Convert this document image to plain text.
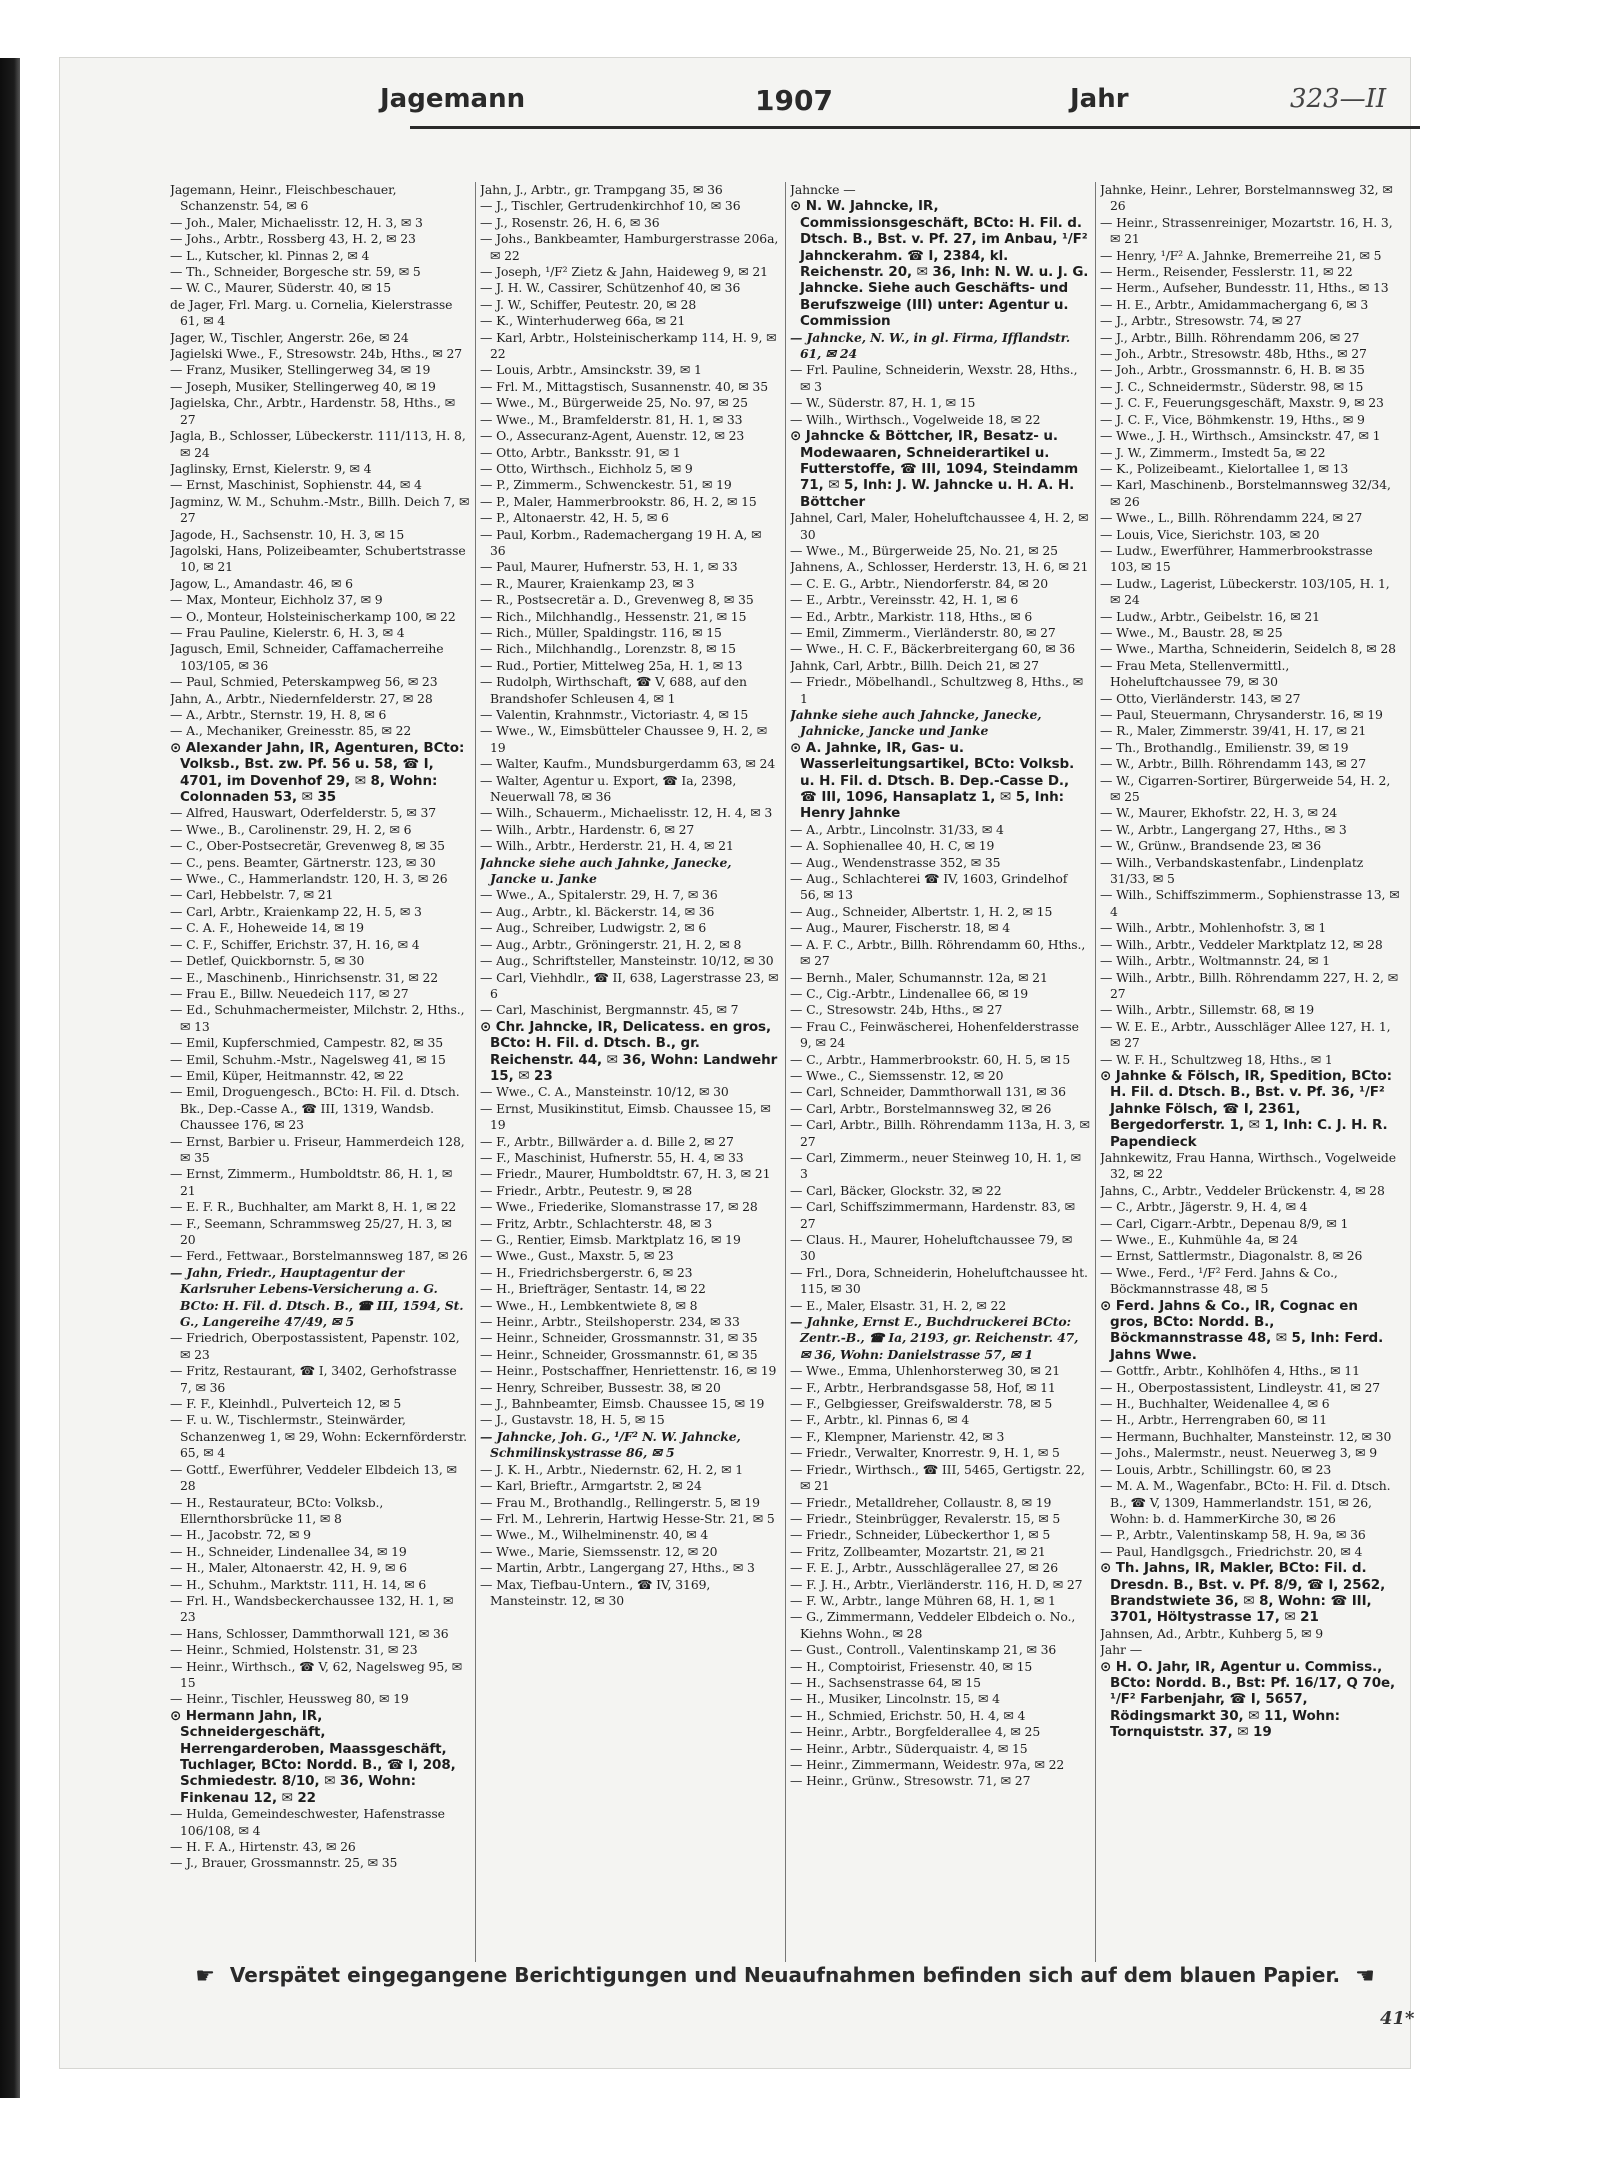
Jagemann	1907	Jahr	323—II
Jagemann, Heinr., Fleischbeschauer, Schanzenstr. 54, ✉ 6
— Joh., Maler, Michaelisstr. 12, H. 3, ✉ 3
— Johs., Arbtr., Rossberg 43, H. 2, ✉ 23
— L., Kutscher, kl. Pinnas 2, ✉ 4
— Th., Schneider, Borgesche str. 59, ✉ 5
— W. C., Maurer, Süderstr. 40, ✉ 15
de Jager, Frl. Marg. u. Cornelia, Kielerstrasse 61, ✉ 4
Jager, W., Tischler, Angerstr. 26e, ✉ 24
Jagielski Wwe., F., Stresowstr. 24b, Hths., ✉ 27
— Franz, Musiker, Stellingerweg 34, ✉ 19
— Joseph, Musiker, Stellingerweg 40, ✉ 19
Jagielska, Chr., Arbtr., Hardenstr. 58, Hths., ✉ 27
Jagla, B., Schlosser, Lübeckerstr. 111/113, H. 8, ✉ 24
Jaglinsky, Ernst, Kielerstr. 9, ✉ 4
— Ernst, Maschinist, Sophienstr. 44, ✉ 4
Jagminz, W. M., Schuhm.-Mstr., Billh. Deich 7, ✉ 27
Jagode, H., Sachsenstr. 10, H. 3, ✉ 15
Jagolski, Hans, Polizeibeamter, Schubertstrasse 10, ✉ 21
Jagow, L., Amandastr. 46, ✉ 6
— Max, Monteur, Eichholz 37, ✉ 9
— O., Monteur, Holsteinischerkamp 100, ✉ 22
— Frau Pauline, Kielerstr. 6, H. 3, ✉ 4
Jagusch, Emil, Schneider, Caffamacherreihe 103/105, ✉ 36
— Paul, Schmied, Peterskampweg 56, ✉ 23
Jahn, A., Arbtr., Niedernfelderstr. 27, ✉ 28
— A., Arbtr., Sternstr. 19, H. 8, ✉ 6
— A., Mechaniker, Greinesstr. 85, ✉ 22
⊙ Alexander Jahn, IR, Agenturen, BCto: Volksb., Bst. zw. Pf. 56 u. 58, ☎ I, 4701, im Dovenhof 29, ✉ 8, Wohn: Colonnaden 53, ✉ 35
— Alfred, Hauswart, Oderfelderstr. 5, ✉ 37
— Wwe., B., Carolinenstr. 29, H. 2, ✉ 6
— C., Ober-Postsecretär, Grevenweg 8, ✉ 35
— C., pens. Beamter, Gärtnerstr. 123, ✉ 30
— Wwe., C., Hammerlandstr. 120, H. 3, ✉ 26
— Carl, Hebbelstr. 7, ✉ 21
— Carl, Arbtr., Kraienkamp 22, H. 5, ✉ 3
— C. A. F., Hoheweide 14, ✉ 19
— C. F., Schiffer, Erichstr. 37, H. 16, ✉ 4
— Detlef, Quickbornstr. 5, ✉ 30
— E., Maschinenb., Hinrichsenstr. 31, ✉ 22
— Frau E., Billw. Neuedeich 117, ✉ 27
— Ed., Schuhmachermeister, Milchstr. 2, Hths., ✉ 13
— Emil, Kupferschmied, Campestr. 82, ✉ 35
— Emil, Schuhm.-Mstr., Nagelsweg 41, ✉ 15
— Emil, Küper, Heitmannstr. 42, ✉ 22
— Emil, Droguengesch., BCto: H. Fil. d. Dtsch. Bk., Dep.-Casse A., ☎ III, 1319, Wandsb. Chaussee 176, ✉ 23
— Ernst, Barbier u. Friseur, Hammerdeich 128, ✉ 35
— Ernst, Zimmerm., Humboldtstr. 86, H. 1, ✉ 21
— E. F. R., Buchhalter, am Markt 8, H. 1, ✉ 22
— F., Seemann, Schrammsweg 25/27, H. 3, ✉ 20
— Ferd., Fettwaar., Borstelmannsweg 187, ✉ 26
— Jahn, Friedr., Hauptagentur der Karlsruher Lebens-Versicherung a. G. BCto: H. Fil. d. Dtsch. B., ☎ III, 1594, St. G., Langereihe 47/49, ✉ 5
— Friedrich, Oberpostassistent, Papenstr. 102, ✉ 23
— Fritz, Restaurant, ☎ I, 3402, Gerhofstrasse 7, ✉ 36
— F. F., Kleinhdl., Pulverteich 12, ✉ 5
— F. u. W., Tischlermstr., Steinwärder, Schanzenweg 1, ✉ 29, Wohn: Eckernförderstr. 65, ✉ 4
— Gottf., Ewerführer, Veddeler Elbdeich 13, ✉ 28
— H., Restaurateur, BCto: Volksb., Ellernthorsbrücke 11, ✉ 8
— H., Jacobstr. 72, ✉ 9
— H., Schneider, Lindenallee 34, ✉ 19
— H., Maler, Altonaerstr. 42, H. 9, ✉ 6
— H., Schuhm., Marktstr. 111, H. 14, ✉ 6
— Frl. H., Wandsbeckerchaussee 132, H. 1, ✉ 23
— Hans, Schlosser, Dammthorwall 121, ✉ 36
— Heinr., Schmied, Holstenstr. 31, ✉ 23
— Heinr., Wirthsch., ☎ V, 62, Nagelsweg 95, ✉ 15
— Heinr., Tischler, Heussweg 80, ✉ 19
⊙ Hermann Jahn, IR, Schneidergeschäft, Herrengarderoben, Maassgeschäft, Tuchlager, BCto: Nordd. B., ☎ I, 208, Schmiedestr. 8/10, ✉ 36, Wohn: Finkenau 12, ✉ 22
— Hulda, Gemeindeschwester, Hafenstrasse 106/108, ✉ 4
— H. F. A., Hirtenstr. 43, ✉ 26
— J., Brauer, Grossmannstr. 25, ✉ 35
Jahn, J., Arbtr., gr. Trampgang 35, ✉ 36
— J., Tischler, Gertrudenkirchhof 10, ✉ 36
— J., Rosenstr. 26, H. 6, ✉ 36
— Johs., Bankbeamter, Hamburgerstrasse 206a, ✉ 22
— Joseph, ¹/F² Zietz & Jahn, Haideweg 9, ✉ 21
— J. H. W., Cassirer, Schützenhof 40, ✉ 36
— J. W., Schiffer, Peutestr. 20, ✉ 28
— K., Winterhuderweg 66a, ✉ 21
— Karl, Arbtr., Holsteinischerkamp 114, H. 9, ✉ 22
— Louis, Arbtr., Amsinckstr. 39, ✉ 1
— Frl. M., Mittagstisch, Susannenstr. 40, ✉ 35
— Wwe., M., Bürgerweide 25, No. 97, ✉ 25
— Wwe., M., Bramfelderstr. 81, H. 1, ✉ 33
— O., Assecuranz-Agent, Auenstr. 12, ✉ 23
— Otto, Arbtr., Banksstr. 91, ✉ 1
— Otto, Wirthsch., Eichholz 5, ✉ 9
— P., Zimmerm., Schwenckestr. 51, ✉ 19
— P., Maler, Hammerbrookstr. 86, H. 2, ✉ 15
— P., Altonaerstr. 42, H. 5, ✉ 6
— Paul, Korbm., Rademachergang 19 H. A, ✉ 36
— Paul, Maurer, Hufnerstr. 53, H. 1, ✉ 33
— R., Maurer, Kraienkamp 23, ✉ 3
— R., Postsecretär a. D., Grevenweg 8, ✉ 35
— Rich., Milchhandlg., Hessenstr. 21, ✉ 15
— Rich., Müller, Spaldingstr. 116, ✉ 15
— Rich., Milchhandlg., Lorenzstr. 8, ✉ 15
— Rud., Portier, Mittelweg 25a, H. 1, ✉ 13
— Rudolph, Wirthschaft, ☎ V, 688, auf den Brandshofer Schleusen 4, ✉ 1
— Valentin, Krahnmstr., Victoriastr. 4, ✉ 15
— Wwe., W., Eimsbütteler Chaussee 9, H. 2, ✉ 19
— Walter, Kaufm., Mundsburgerdamm 63, ✉ 24
— Walter, Agentur u. Export, ☎ Ia, 2398, Neuerwall 78, ✉ 36
— Wilh., Schauerm., Michaelisstr. 12, H. 4, ✉ 3
— Wilh., Arbtr., Hardenstr. 6, ✉ 27
— Wilh., Arbtr., Herderstr. 21, H. 4, ✉ 21
Jahncke siehe auch Jahnke, Janecke, Jancke u. Janke
— Wwe., A., Spitalerstr. 29, H. 7, ✉ 36
— Aug., Arbtr., kl. Bäckerstr. 14, ✉ 36
— Aug., Schreiber, Ludwigstr. 2, ✉ 6
— Aug., Arbtr., Gröningerstr. 21, H. 2, ✉ 8
— Aug., Schriftsteller, Mansteinstr. 10/12, ✉ 30
— Carl, Viehhdlr., ☎ II, 638, Lagerstrasse 23, ✉ 6
— Carl, Maschinist, Bergmannstr. 45, ✉ 7
⊙ Chr. Jahncke, IR, Delicatess. en gros, BCto: H. Fil. d. Dtsch. B., gr. Reichenstr. 44, ✉ 36, Wohn: Landwehr 15, ✉ 23
— Wwe., C. A., Mansteinstr. 10/12, ✉ 30
— Ernst, Musikinstitut, Eimsb. Chaussee 15, ✉ 19
— F., Arbtr., Billwärder a. d. Bille 2, ✉ 27
— F., Maschinist, Hufnerstr. 55, H. 4, ✉ 33
— Friedr., Maurer, Humboldtstr. 67, H. 3, ✉ 21
— Friedr., Arbtr., Peutestr. 9, ✉ 28
— Wwe., Friederike, Slomanstrasse 17, ✉ 28
— Fritz, Arbtr., Schlachterstr. 48, ✉ 3
— G., Rentier, Eimsb. Marktplatz 16, ✉ 19
— Wwe., Gust., Maxstr. 5, ✉ 23
— H., Friedrichsbergerstr. 6, ✉ 23
— H., Briefträger, Sentastr. 14, ✉ 22
— Wwe., H., Lembkentwiete 8, ✉ 8
— Heinr., Arbtr., Steilshoperstr. 234, ✉ 33
— Heinr., Schneider, Grossmannstr. 31, ✉ 35
— Heinr., Schneider, Grossmannstr. 61, ✉ 35
— Heinr., Postschaffner, Henriettenstr. 16, ✉ 19
— Henry, Schreiber, Bussestr. 38, ✉ 20
— J., Bahnbeamter, Eimsb. Chaussee 15, ✉ 19
— J., Gustavstr. 18, H. 5, ✉ 15
— Jahncke, Joh. G., ¹/F² N. W. Jahncke, Schmilinskystrasse 86, ✉ 5
— J. K. H., Arbtr., Niedernstr. 62, H. 2, ✉ 1
— Karl, Brieftr., Armgartstr. 2, ✉ 24
— Frau M., Brothandlg., Rellingerstr. 5, ✉ 19
— Frl. M., Lehrerin, Hartwig Hesse-Str. 21, ✉ 5
— Wwe., M., Wilhelminenstr. 40, ✉ 4
— Wwe., Marie, Siemssenstr. 12, ✉ 20
— Martin, Arbtr., Langergang 27, Hths., ✉ 3
— Max, Tiefbau-Untern., ☎ IV, 3169, Mansteinstr. 12, ✉ 30
Jahncke —
⊙ N. W. Jahncke, IR, Commissionsgeschäft, BCto: H. Fil. d. Dtsch. B., Bst. v. Pf. 27, im Anbau, ¹/F² Jahnckerahm. ☎ I, 2384, kl. Reichenstr. 20, ✉ 36, Inh: N. W. u. J. G. Jahncke. Siehe auch Geschäfts- und Berufszweige (III) unter: Agentur u. Commission
— Jahncke, N. W., in gl. Firma, Ifflandstr. 61, ✉ 24
— Frl. Pauline, Schneiderin, Wexstr. 28, Hths., ✉ 3
— W., Süderstr. 87, H. 1, ✉ 15
— Wilh., Wirthsch., Vogelweide 18, ✉ 22
⊙ Jahncke & Böttcher, IR, Besatz- u. Modewaaren, Schneiderartikel u. Futterstoffe, ☎ III, 1094, Steindamm 71, ✉ 5, Inh: J. W. Jahncke u. H. A. H. Böttcher
Jahnel, Carl, Maler, Hoheluftchaussee 4, H. 2, ✉ 30
— Wwe., M., Bürgerweide 25, No. 21, ✉ 25
Jahnens, A., Schlosser, Herderstr. 13, H. 6, ✉ 21
— C. E. G., Arbtr., Niendorferstr. 84, ✉ 20
— E., Arbtr., Vereinsstr. 42, H. 1, ✉ 6
— Ed., Arbtr., Markistr. 118, Hths., ✉ 6
— Emil, Zimmerm., Vierländerstr. 80, ✉ 27
— Wwe., H. C. F., Bäckerbreitergang 60, ✉ 36
Jahnk, Carl, Arbtr., Billh. Deich 21, ✉ 27
— Friedr., Möbelhandl., Schultzweg 8, Hths., ✉ 1
Jahnke siehe auch Jahncke, Janecke, Jahnicke, Jancke und Janke
⊙ A. Jahnke, IR, Gas- u. Wasserleitungsartikel, BCto: Volksb. u. H. Fil. d. Dtsch. B. Dep.-Casse D., ☎ III, 1096, Hansaplatz 1, ✉ 5, Inh: Henry Jahnke
— A., Arbtr., Lincolnstr. 31/33, ✉ 4
— A. Sophienallee 40, H. C, ✉ 19
— Aug., Wendenstrasse 352, ✉ 35
— Aug., Schlachterei ☎ IV, 1603, Grindelhof 56, ✉ 13
— Aug., Schneider, Albertstr. 1, H. 2, ✉ 15
— Aug., Maurer, Fischerstr. 18, ✉ 4
— A. F. C., Arbtr., Billh. Röhrendamm 60, Hths., ✉ 27
— Bernh., Maler, Schumannstr. 12a, ✉ 21
— C., Cig.-Arbtr., Lindenallee 66, ✉ 19
— C., Stresowstr. 24b, Hths., ✉ 27
— Frau C., Feinwäscherei, Hohenfelderstrasse 9, ✉ 24
— C., Arbtr., Hammerbrookstr. 60, H. 5, ✉ 15
— Wwe., C., Siemssenstr. 12, ✉ 20
— Carl, Schneider, Dammthorwall 131, ✉ 36
— Carl, Arbtr., Borstelmannsweg 32, ✉ 26
— Carl, Arbtr., Billh. Röhrendamm 113a, H. 3, ✉ 27
— Carl, Zimmerm., neuer Steinweg 10, H. 1, ✉ 3
— Carl, Bäcker, Glockstr. 32, ✉ 22
— Carl, Schiffszimmermann, Hardenstr. 83, ✉ 27
— Claus. H., Maurer, Hoheluftchaussee 79, ✉ 30
— Frl., Dora, Schneiderin, Hoheluftchaussee ht. 115, ✉ 30
— E., Maler, Elsastr. 31, H. 2, ✉ 22
— Jahnke, Ernst E., Buchdruckerei BCto: Zentr.-B., ☎ Ia, 2193, gr. Reichenstr. 47, ✉ 36, Wohn: Danielstrasse 57, ✉ 1
— Wwe., Emma, Uhlenhorsterweg 30, ✉ 21
— F., Arbtr., Herbrandsgasse 58, Hof, ✉ 11
— F., Gelbgiesser, Greifswalderstr. 78, ✉ 5
— F., Arbtr., kl. Pinnas 6, ✉ 4
— F., Klempner, Marienstr. 42, ✉ 3
— Friedr., Verwalter, Knorrestr. 9, H. 1, ✉ 5
— Friedr., Wirthsch., ☎ III, 5465, Gertigstr. 22, ✉ 21
— Friedr., Metalldreher, Collaustr. 8, ✉ 19
— Friedr., Steinbrügger, Revalerstr. 15, ✉ 5
— Friedr., Schneider, Lübeckerthor 1, ✉ 5
— Fritz, Zollbeamter, Mozartstr. 21, ✉ 21
— F. E. J., Arbtr., Ausschlägerallee 27, ✉ 26
— F. J. H., Arbtr., Vierländerstr. 116, H. D, ✉ 27
— F. W., Arbtr., lange Mühren 68, H. 1, ✉ 1
— G., Zimmermann, Veddeler Elbdeich o. No., Kiehns Wohn., ✉ 28
— Gust., Controll., Valentinskamp 21, ✉ 36
— H., Comptoirist, Friesenstr. 40, ✉ 15
— H., Sachsenstrasse 64, ✉ 15
— H., Musiker, Lincolnstr. 15, ✉ 4
— H., Schmied, Erichstr. 50, H. 4, ✉ 4
— Heinr., Arbtr., Borgfelderallee 4, ✉ 25
— Heinr., Arbtr., Süderquaistr. 4, ✉ 15
— Heinr., Zimmermann, Weidestr. 97a, ✉ 22
— Heinr., Grünw., Stresowstr. 71, ✉ 27
Jahnke, Heinr., Lehrer, Borstelmannsweg 32, ✉ 26
— Heinr., Strassenreiniger, Mozartstr. 16, H. 3, ✉ 21
— Henry, ¹/F² A. Jahnke, Bremerreihe 21, ✉ 5
— Herm., Reisender, Fesslerstr. 11, ✉ 22
— Herm., Aufseher, Bundesstr. 11, Hths., ✉ 13
— H. E., Arbtr., Amidammachergang 6, ✉ 3
— J., Arbtr., Stresowstr. 74, ✉ 27
— J., Arbtr., Billh. Röhrendamm 206, ✉ 27
— Joh., Arbtr., Stresowstr. 48b, Hths., ✉ 27
— Joh., Arbtr., Grossmannstr. 6, H. B. ✉ 35
— J. C., Schneidermstr., Süderstr. 98, ✉ 15
— J. C. F., Feuerungsgeschäft, Maxstr. 9, ✉ 23
— J. C. F., Vice, Böhmkenstr. 19, Hths., ✉ 9
— Wwe., J. H., Wirthsch., Amsinckstr. 47, ✉ 1
— J. W., Zimmerm., Imstedt 5a, ✉ 22
— K., Polizeibeamt., Kielortallee 1, ✉ 13
— Karl, Maschinenb., Borstelmannsweg 32/34, ✉ 26
— Wwe., L., Billh. Röhrendamm 224, ✉ 27
— Louis, Vice, Sierichstr. 103, ✉ 20
— Ludw., Ewerführer, Hammerbrookstrasse 103, ✉ 15
— Ludw., Lagerist, Lübeckerstr. 103/105, H. 1, ✉ 24
— Ludw., Arbtr., Geibelstr. 16, ✉ 21
— Wwe., M., Baustr. 28, ✉ 25
— Wwe., Martha, Schneiderin, Seidelch 8, ✉ 28
— Frau Meta, Stellenvermittl., Hoheluftchaussee 79, ✉ 30
— Otto, Vierländerstr. 143, ✉ 27
— Paul, Steuermann, Chrysanderstr. 16, ✉ 19
— R., Maler, Zimmerstr. 39/41, H. 17, ✉ 21
— Th., Brothandlg., Emilienstr. 39, ✉ 19
— W., Arbtr., Billh. Röhrendamm 143, ✉ 27
— W., Cigarren-Sortirer, Bürgerweide 54, H. 2, ✉ 25
— W., Maurer, Ekhofstr. 22, H. 3, ✉ 24
— W., Arbtr., Langergang 27, Hths., ✉ 3
— W., Grünw., Brandsende 23, ✉ 36
— Wilh., Verbandskastenfabr., Lindenplatz 31/33, ✉ 5
— Wilh., Schiffszimmerm., Sophienstrasse 13, ✉ 4
— Wilh., Arbtr., Mohlenhofstr. 3, ✉ 1
— Wilh., Arbtr., Veddeler Marktplatz 12, ✉ 28
— Wilh., Arbtr., Woltmannstr. 24, ✉ 1
— Wilh., Arbtr., Billh. Röhrendamm 227, H. 2, ✉ 27
— Wilh., Arbtr., Sillemstr. 68, ✉ 19
— W. E. E., Arbtr., Ausschläger Allee 127, H. 1, ✉ 27
— W. F. H., Schultzweg 18, Hths., ✉ 1
⊙ Jahnke & Fölsch, IR, Spedition, BCto: H. Fil. d. Dtsch. B., Bst. v. Pf. 36, ¹/F² Jahnke Fölsch, ☎ I, 2361, Bergedorferstr. 1, ✉ 1, Inh: C. J. H. R. Papendieck
Jahnkewitz, Frau Hanna, Wirthsch., Vogelweide 32, ✉ 22
Jahns, C., Arbtr., Veddeler Brückenstr. 4, ✉ 28
— C., Arbtr., Jägerstr. 9, H. 4, ✉ 4
— Carl, Cigarr.-Arbtr., Depenau 8/9, ✉ 1
— Wwe., E., Kuhmühle 4a, ✉ 24
— Ernst, Sattlermstr., Diagonalstr. 8, ✉ 26
— Wwe., Ferd., ¹/F² Ferd. Jahns & Co., Böckmannstrasse 48, ✉ 5
⊙ Ferd. Jahns & Co., IR, Cognac en gros, BCto: Nordd. B., Böckmannstrasse 48, ✉ 5, Inh: Ferd. Jahns Wwe.
— Gottfr., Arbtr., Kohlhöfen 4, Hths., ✉ 11
— H., Oberpostassistent, Lindleystr. 41, ✉ 27
— H., Buchhalter, Weidenallee 4, ✉ 6
— H., Arbtr., Herrengraben 60, ✉ 11
— Hermann, Buchhalter, Mansteinstr. 12, ✉ 30
— Johs., Malermstr., neust. Neuerweg 3, ✉ 9
— Louis, Arbtr., Schillingstr. 60, ✉ 23
— M. A. M., Wagenfabr., BCto: H. Fil. d. Dtsch. B., ☎ V, 1309, Hammerlandstr. 151, ✉ 26, Wohn: b. d. HammerKirche 30, ✉ 26
— P., Arbtr., Valentinskamp 58, H. 9a, ✉ 36
— Paul, Handlgsgch., Friedrichstr. 20, ✉ 4
⊙ Th. Jahns, IR, Makler, BCto: Fil. d. Dresdn. B., Bst. v. Pf. 8/9, ☎ I, 2562, Brandstwiete 36, ✉ 8, Wohn: ☎ III, 3701, Höltystrasse 17, ✉ 21
Jahnsen, Ad., Arbtr., Kuhberg 5, ✉ 9
Jahr —
⊙ H. O. Jahr, IR, Agentur u. Commiss., BCto: Nordd. B., Bst: Pf. 16/17, Q 70e, ¹/F² Farbenjahr, ☎ I, 5657, Rödingsmarkt 30, ✉ 11, Wohn: Tornquiststr. 37, ✉ 19
☛ Verspätet eingegangene Berichtigungen und Neuaufnahmen befinden sich auf dem blauen Papier. ☚
41*
